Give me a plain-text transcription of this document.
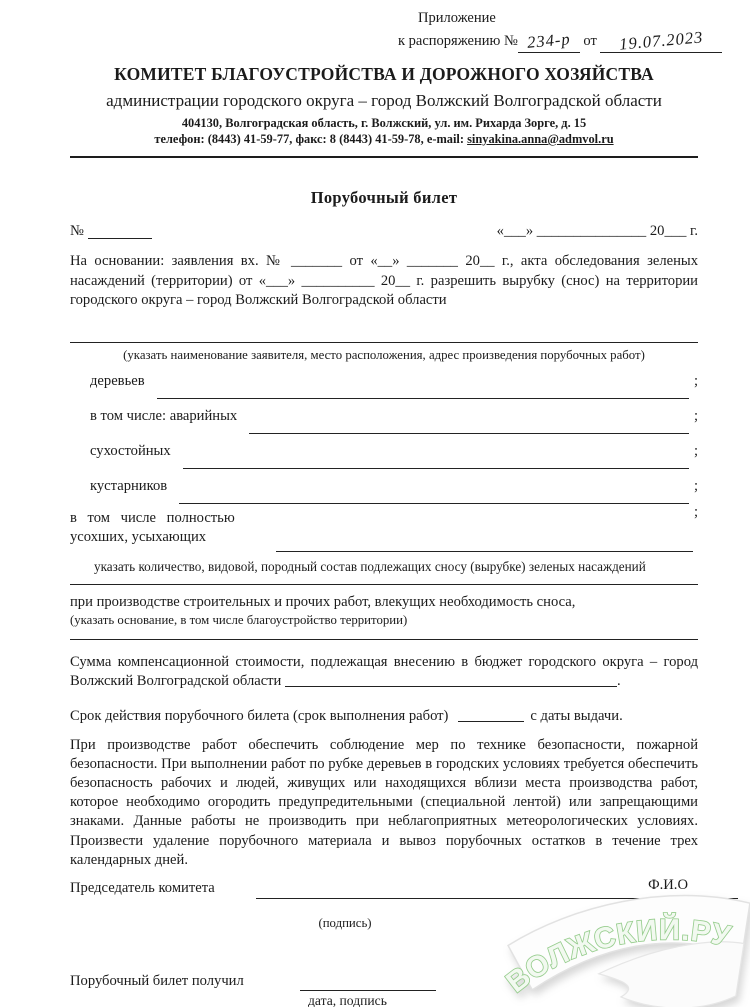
Приложение
к распоряжению № 234-р от 19.07.2023
КОМИТЕТ БЛАГОУСТРОЙСТВА И ДОРОЖНОГО ХОЗЯЙСТВА
администрации городского округа – город Волжский Волгоградской области
404130, Волгоградская область, г. Волжский, ул. им. Рихарда Зорге, д. 15
телефон: (8443) 41-59-77, факс: 8 (8443) 41-59-78, e-mail: sinyakina.anna@admvol.ru
Порубочный билет
№	«___» _______________ 20___ г.
На основании: заявления вх. № _______ от «__» _______ 20__ г., акта обследования зеленых насаждений (территории) от «___» __________ 20__ г. разрешить вырубку (снос) на территории городского округа – город Волжский Волгоградской области
(указать наименование заявителя, место расположения, адрес произведения порубочных работ)
деревьев	;
в том числе: аварийных	;
сухостойных	;
кустарников	;
в том числе полностью
усохших, усыхающих
;
указать количество, видовой, породный состав подлежащих сносу (вырубке) зеленых насаждений
при производстве строительных и прочих работ, влекущих необходимость сноса,
(указать основание, в том числе благоустройство территории)
Сумма компенсационной стоимости, подлежащая внесению в бюджет городского округа – город Волжский Волгоградской области	.
Срок действия порубочного билета (срок выполнения работ)	с даты выдачи.
При производстве работ обеспечить соблюдение мер по технике безопасности, пожарной безопасности. При выполнении работ по рубке деревьев в городских условиях требуется обеспечить безопасность рабочих и людей, живущих или находящихся вблизи места производства работ, которое необходимо огородить предупредительными (специальной лентой) или запрещающими знаками. Данные работы не производить при неблагоприятных метеорологических условиях. Произвести удаление порубочного материала и вывоз порубочных остатков в течение трех календарных дней.
Председатель комитета	Ф.И.О
(подпись)
Порубочный билет получил
дата, подпись
ВОЛЖСКИЙ.РУ
